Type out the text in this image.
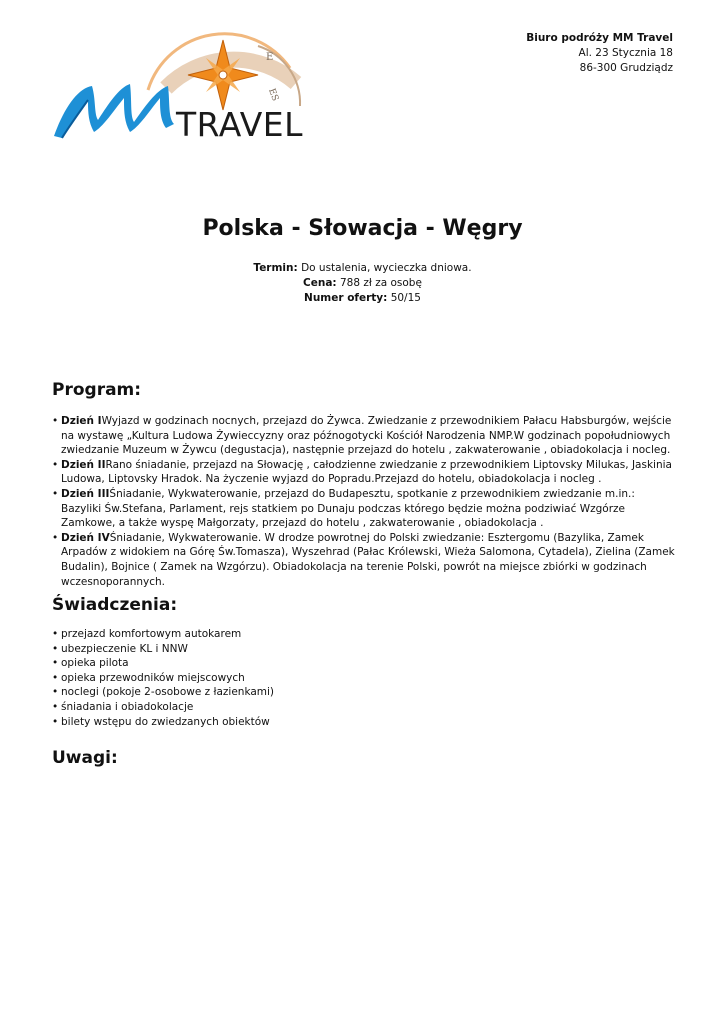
E
ES
TRAVEL
Biuro podróży MM Travel
Al. 23 Stycznia 18
86-300 Grudziądz
Polska - Słowacja - Węgry
Termin: Do ustalenia, wycieczka dniowa.
Cena: 788 zł za osobę
Numer oferty: 50/15
Program:
• Dzień IWyjazd w godzinach nocnych, przejazd do Żywca. Zwiedzanie z przewodnikiem Pałacu Habsburgów, wejście na wystawę „Kultura Ludowa Żywieccyzny oraz późnogotycki Kościół Narodzenia NMP.W godzinach popołudniowych zwiedzanie Muzeum w Żywcu (degustacja), następnie przejazd do hotelu , zakwaterowanie , obiadokolacja i nocleg.
• Dzień IIRano śniadanie, przejazd na Słowację , całodzienne zwiedzanie z przewodnikiem Liptovsky Milukas, Jaskinia Ludowa, Liptovsky Hradok. Na życzenie wyjazd do Popradu.Przejazd do hotelu, obiadokolacja i nocleg .
• Dzień IIIŚniadanie, Wykwaterowanie, przejazd do Budapesztu, spotkanie z przewodnikiem zwiedzanie m.in.: Bazyliki Św.Stefana, Parlament, rejs statkiem po Dunaju podczas którego będzie można podziwiać Wzgórze Zamkowe, a także wyspę Małgorzaty, przejazd do hotelu , zakwaterowanie , obiadokolacja .
• Dzień IVŚniadanie, Wykwaterowanie. W drodze powrotnej do Polski zwiedzanie: Esztergomu (Bazylika, Zamek Arpadów z widokiem na Górę Św.Tomasza), Wyszehrad (Pałac Królewski, Wieża Salomona, Cytadela), Zielina (Zamek Budalin), Bojnice ( Zamek na Wzgórzu). Obiadokolacja na terenie Polski, powrót na miejsce zbiórki w godzinach wczesnoporannych.
Świadczenia:
• przejazd komfortowym autokarem
• ubezpieczenie KL i NNW
• opieka pilota
• opieka przewodników miejscowych
• noclegi (pokoje 2-osobowe z łazienkami)
• śniadania i obiadokolacje
• bilety wstępu do zwiedzanych obiektów
Uwagi:
